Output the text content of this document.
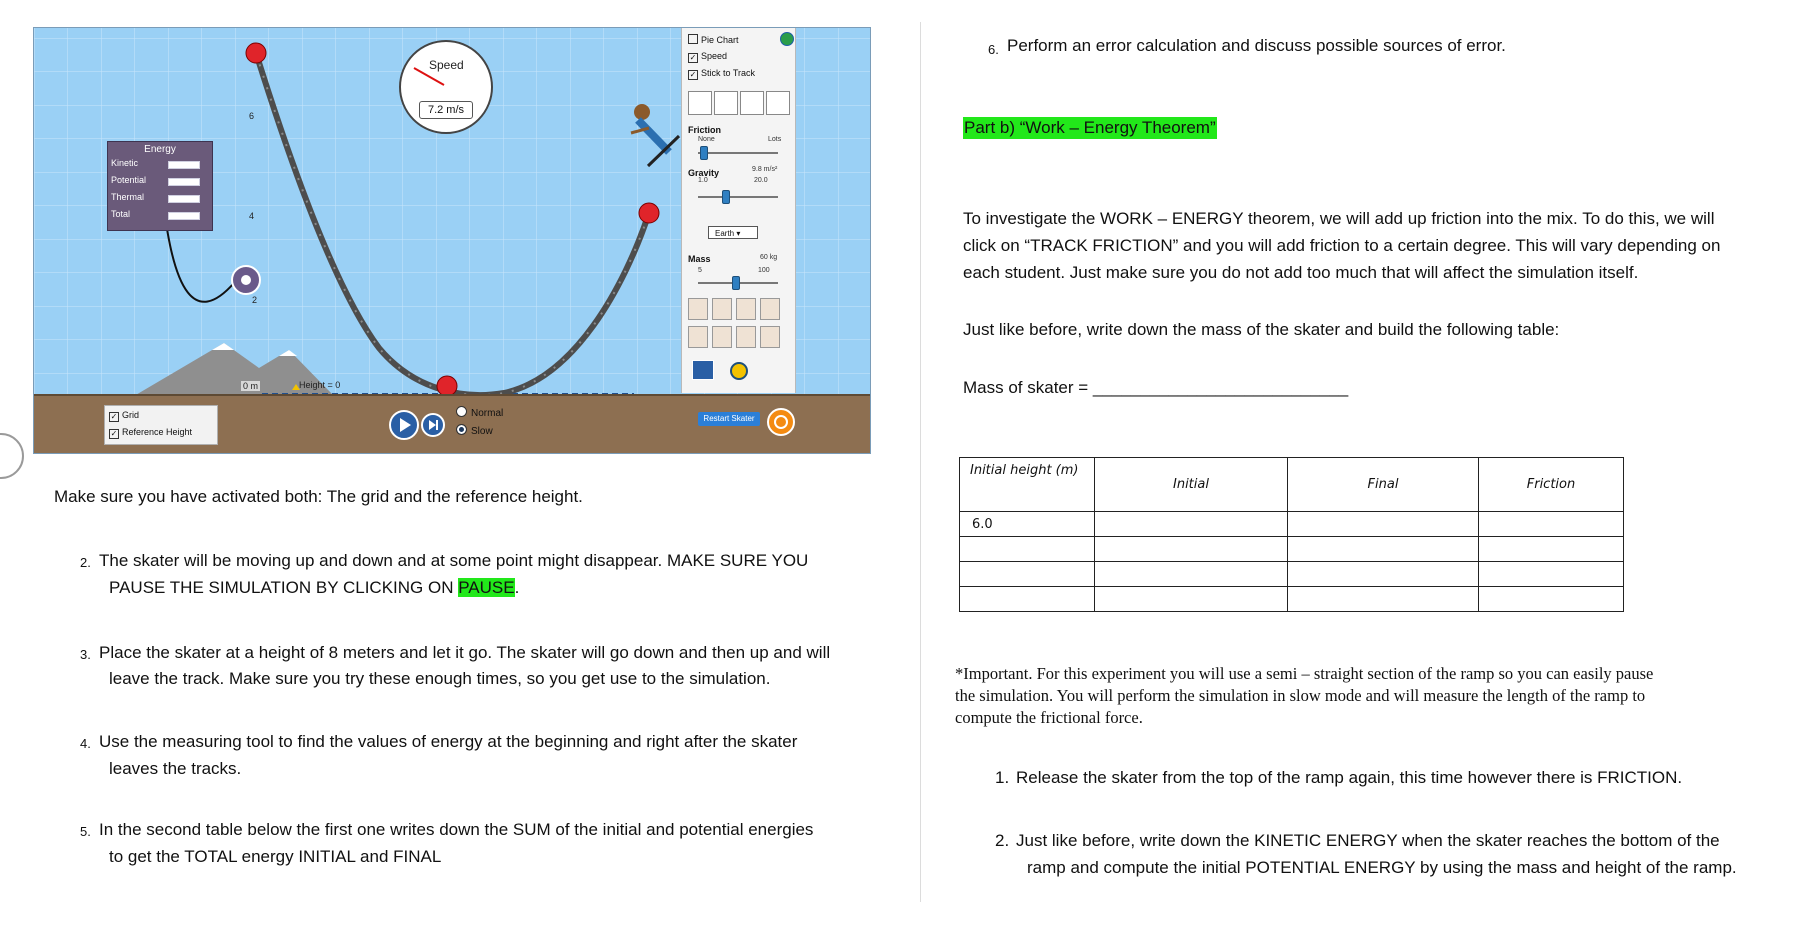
6
4
2
0 m	Height = 0
Energy
Kinetic
Potential
Thermal
Total
Speed
7.2 m/s
Pie Chart
✓ Speed
✓ Stick to Track
Friction
None	Lots
Gravity
1.0
9.8 m/s²
20.0
Earth ▾
Mass
5
60 kg
100
✓ Grid
✓ Reference Height
Normal
Slow
Restart Skater
Make sure you have activated both: The grid and the reference height.
2. The skater will be moving up and down and at some point might disappear. MAKE SURE YOU
PAUSE THE SIMULATION BY CLICKING ON PAUSE.
3. Place the skater at a height of 8 meters and let it go. The skater will go down and then up and will
leave the track. Make sure you try these enough times, so you get use to the simulation.
4. Use the measuring tool to find the values of energy at the beginning and right after the skater
leaves the tracks.
5. In the second table below the first one writes down the SUM of the initial and potential energies
to get the TOTAL energy INITIAL and FINAL
6. Perform an error calculation and discuss possible sources of error.
Part b) “Work – Energy Theorem”
To investigate the WORK – ENERGY theorem, we will add up friction into the mix. To do this, we will
click on “TRACK FRICTION” and you will add friction to a certain degree. This will vary depending on
each student. Just make sure you do not add too much that will affect the simulation itself.
Just like before, write down the mass of the skater and build the following table:
Mass of skater = ___________________________
Initial height (m)	Initial	Final	Friction
6.0			

*Important. For this experiment you will use a semi – straight section of the ramp so you can easily pause
the simulation. You will perform the simulation in slow mode and will measure the length of the ramp to
compute the frictional force.
1. Release the skater from the top of the ramp again, this time however there is FRICTION.
2. Just like before, write down the KINETIC ENERGY when the skater reaches the bottom of the
ramp and compute the initial POTENTIAL ENERGY by using the mass and height of the ramp.
